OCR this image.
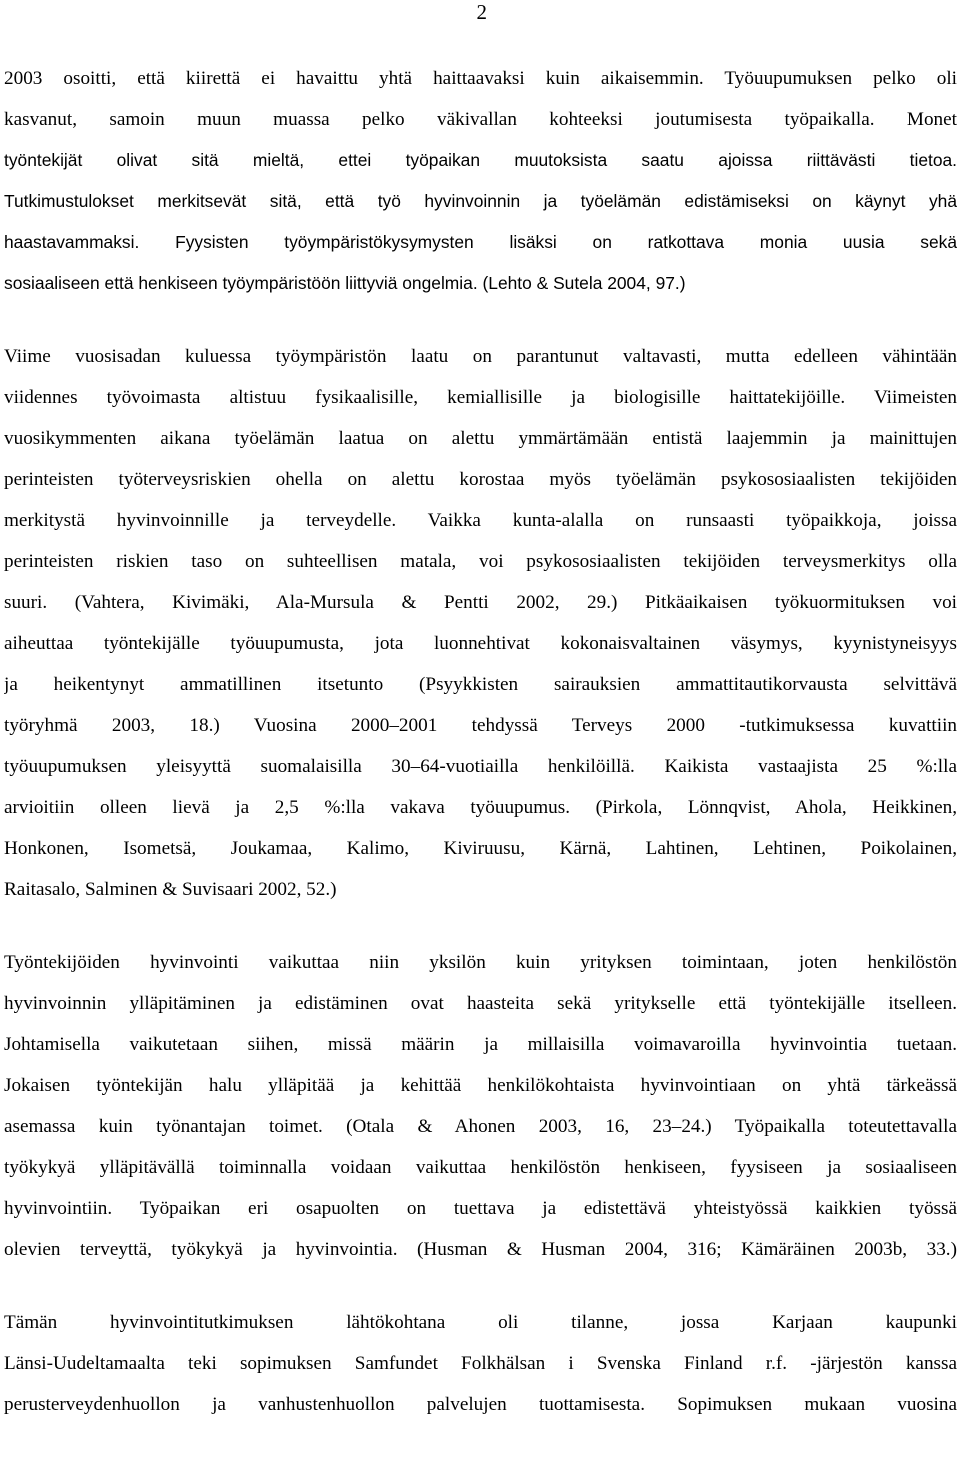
2
2003 osoitti, että kiirettä ei havaittu yhtä haittaavaksi kuin aikaisemmin. Työuupumuksen pelko oli
kasvanut, samoin muun muassa pelko väkivallan kohteeksi joutumisesta työpaikalla. Monet
työntekijät olivat sitä mieltä, ettei työpaikan muutoksista saatu ajoissa riittävästi tietoa.
Tutkimustulokset merkitsevät sitä, että työ hyvinvoinnin ja työelämän edistämiseksi on käynyt yhä
haastavammaksi. Fyysisten työympäristökysymysten lisäksi on ratkottava monia uusia sekä
sosiaaliseen että henkiseen työympäristöön liittyviä ongelmia. (Lehto & Sutela 2004, 97.)
Viime vuosisadan kuluessa työympäristön laatu on parantunut valtavasti, mutta edelleen vähintään
viidennes työvoimasta altistuu fysikaalisille, kemiallisille ja biologisille haittatekijöille. Viimeisten
vuosikymmenten aikana työelämän laatua on alettu ymmärtämään entistä laajemmin ja mainittujen
perinteisten työterveysriskien ohella on alettu korostaa myös työelämän psykososiaalisten tekijöiden
merkitystä hyvinvoinnille ja terveydelle. Vaikka kunta-alalla on runsaasti työpaikkoja, joissa
perinteisten riskien taso on suhteellisen matala, voi psykososiaalisten tekijöiden terveysmerkitys olla
suuri. (Vahtera, Kivimäki, Ala-Mursula & Pentti 2002, 29.) Pitkäaikaisen työkuormituksen voi
aiheuttaa työntekijälle työuupumusta, jota luonnehtivat kokonaisvaltainen väsymys, kyynistyneisyys
ja heikentynyt ammatillinen itsetunto (Psyykkisten sairauksien ammattitautikorvausta selvittävä
työryhmä 2003, 18.) Vuosina 2000–2001 tehdyssä Terveys 2000 -tutkimuksessa kuvattiin
työuupumuksen yleisyyttä suomalaisilla 30–64-vuotiailla henkilöillä. Kaikista vastaajista 25 %:lla
arvioitiin olleen lievä ja 2,5 %:lla vakava työuupumus. (Pirkola, Lönnqvist, Ahola, Heikkinen,
Honkonen, Isometsä, Joukamaa, Kalimo, Kiviruusu, Kärnä, Lahtinen, Lehtinen, Poikolainen,
Raitasalo, Salminen & Suvisaari 2002, 52.)
Työntekijöiden hyvinvointi vaikuttaa niin yksilön kuin yrityksen toimintaan, joten henkilöstön
hyvinvoinnin ylläpitäminen ja edistäminen ovat haasteita sekä yritykselle että työntekijälle itselleen.
Johtamisella vaikutetaan siihen, missä määrin ja millaisilla voimavaroilla hyvinvointia tuetaan.
Jokaisen työntekijän halu ylläpitää ja kehittää henkilökohtaista hyvinvointiaan on yhtä tärkeässä
asemassa kuin työnantajan toimet. (Otala & Ahonen 2003, 16, 23–24.) Työpaikalla toteutettavalla
työkykyä ylläpitävällä toiminnalla voidaan vaikuttaa henkilöstön henkiseen, fyysiseen ja sosiaaliseen
hyvinvointiin. Työpaikan eri osapuolten on tuettava ja edistettävä yhteistyössä kaikkien työssä
olevien terveyttä, työkykyä ja hyvinvointia. (Husman & Husman 2004, 316; Kämäräinen 2003b, 33.)
Tämän hyvinvointitutkimuksen lähtökohtana oli tilanne, jossa Karjaan kaupunki
Länsi-Uudeltamaalta teki sopimuksen Samfundet Folkhälsan i Svenska Finland r.f. -järjestön kanssa
perusterveydenhuollon ja vanhustenhuollon palvelujen tuottamisesta. Sopimuksen mukaan vuosina
